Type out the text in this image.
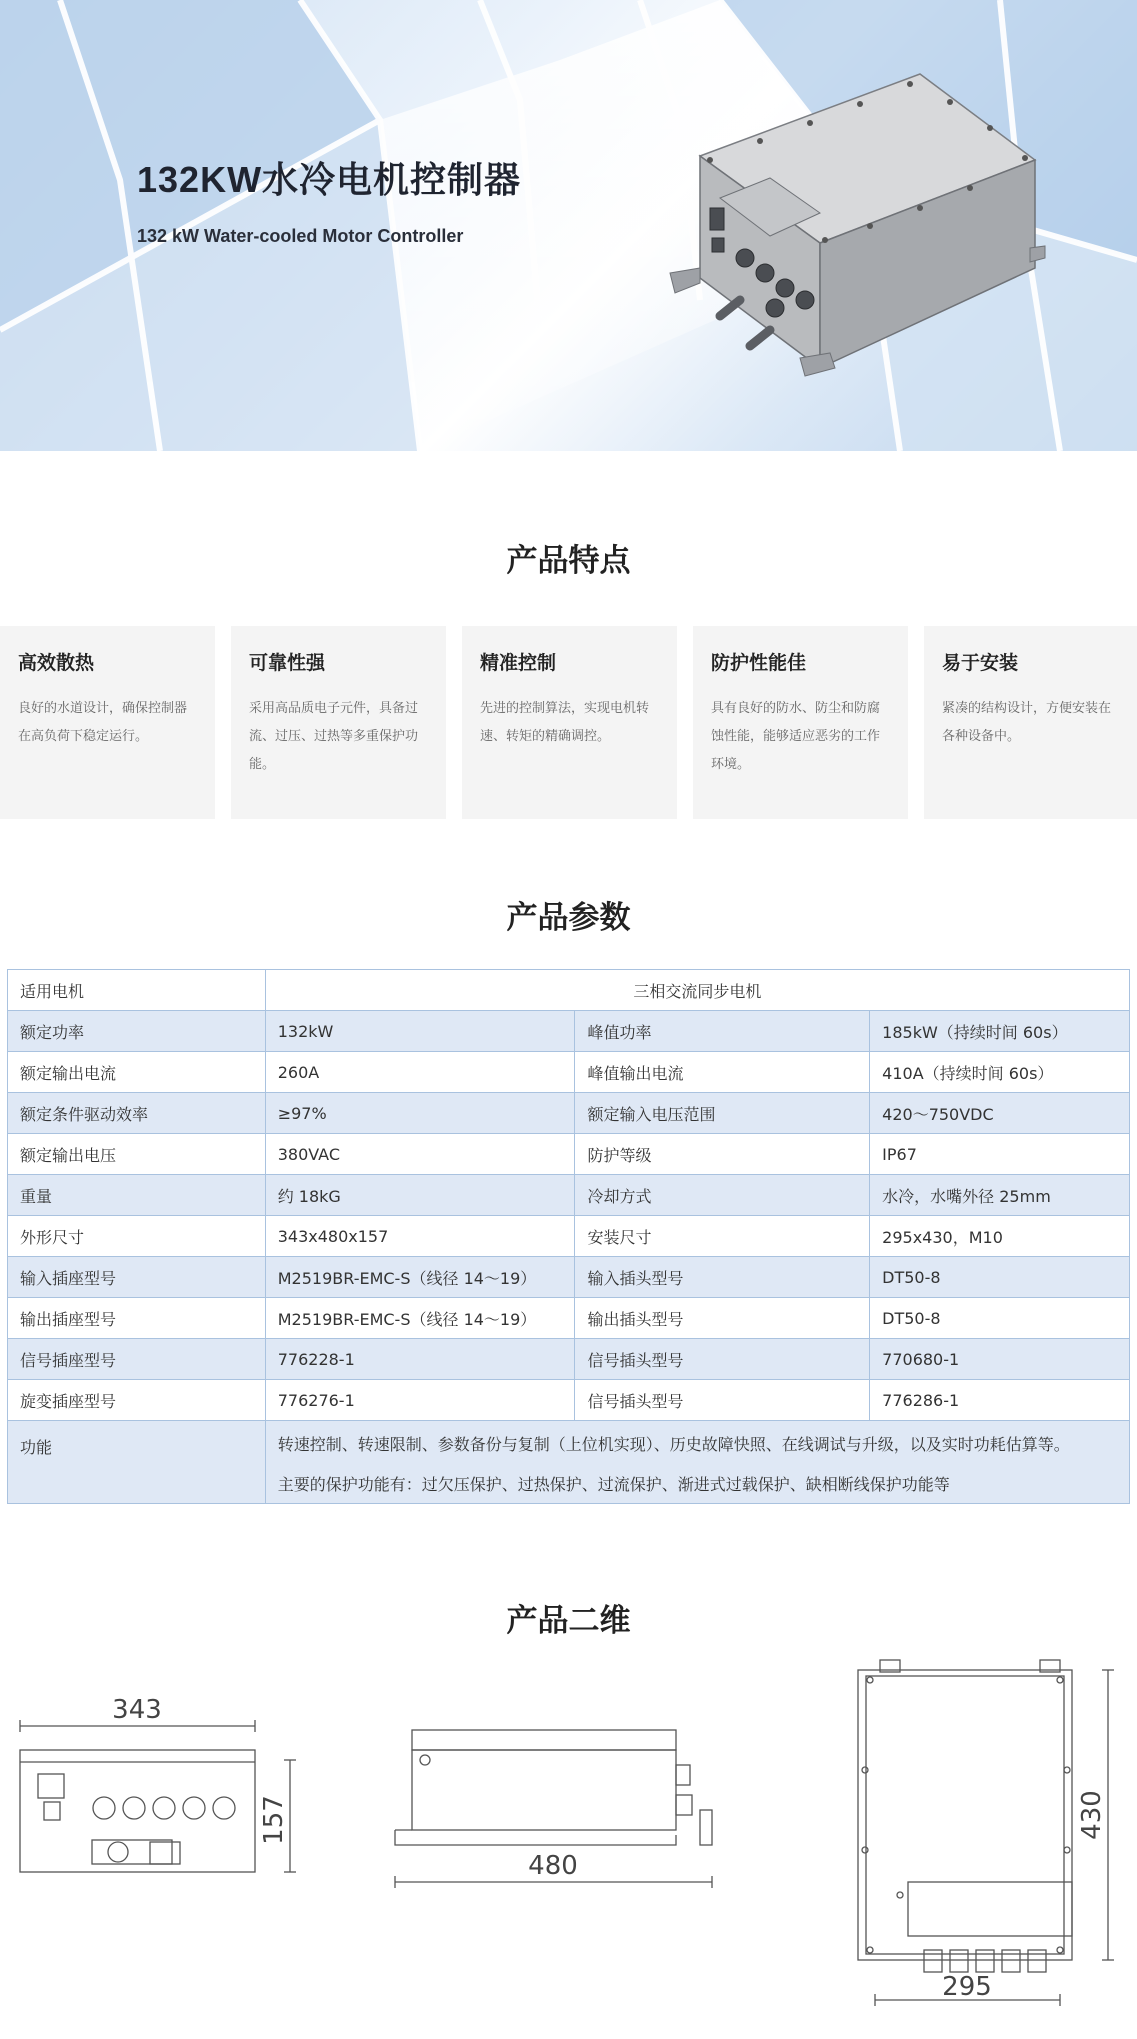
132KW水冷电机控制器
132 kW Water-cooled Motor Controller
产品特点
高效散热

良好的水道设计，确保控制器在高负荷下稳定运行。

可靠性强

采用高品质电子元件，具备过流、过压、过热等多重保护功能。

精准控制

先进的控制算法，实现电机转速、转矩的精确调控。

防护性能佳

具有良好的防水、防尘和防腐蚀性能，能够适应恶劣的工作环境。

易于安装

紧凑的结构设计，方便安装在各种设备中。

产品参数
适用电机	三相交流同步电机		
额定功率	132kW	峰值功率	185kW（持续时间 60s）
额定输出电流	260A	峰值输出电流	410A（持续时间 60s）
额定条件驱动效率	≥97%	额定输入电压范围	420～750VDC
额定输出电压	380VAC	防护等级	IP67
重量	约 18kG	冷却方式	水冷，水嘴外径 25mm
外形尺寸	343x480x157	安装尺寸	295x430，M10
输入插座型号	M2519BR-EMC-S（线径 14～19）	输入插头型号	DT50-8
输出插座型号	M2519BR-EMC-S（线径 14～19）	输出插头型号	DT50-8
信号插座型号	776228-1	信号插头型号	770680-1
旋变插座型号	776276-1	信号插头型号	776286-1
功能	转速控制、转速限制、参数备份与复制（上位机实现）、历史故障快照、在线调试与升级，以及实时功耗估算等。
主要的保护功能有：过欠压保护、过热保护、过流保护、渐进式过载保护、缺相断线保护功能等		
产品二维
343
157
480
430
295
